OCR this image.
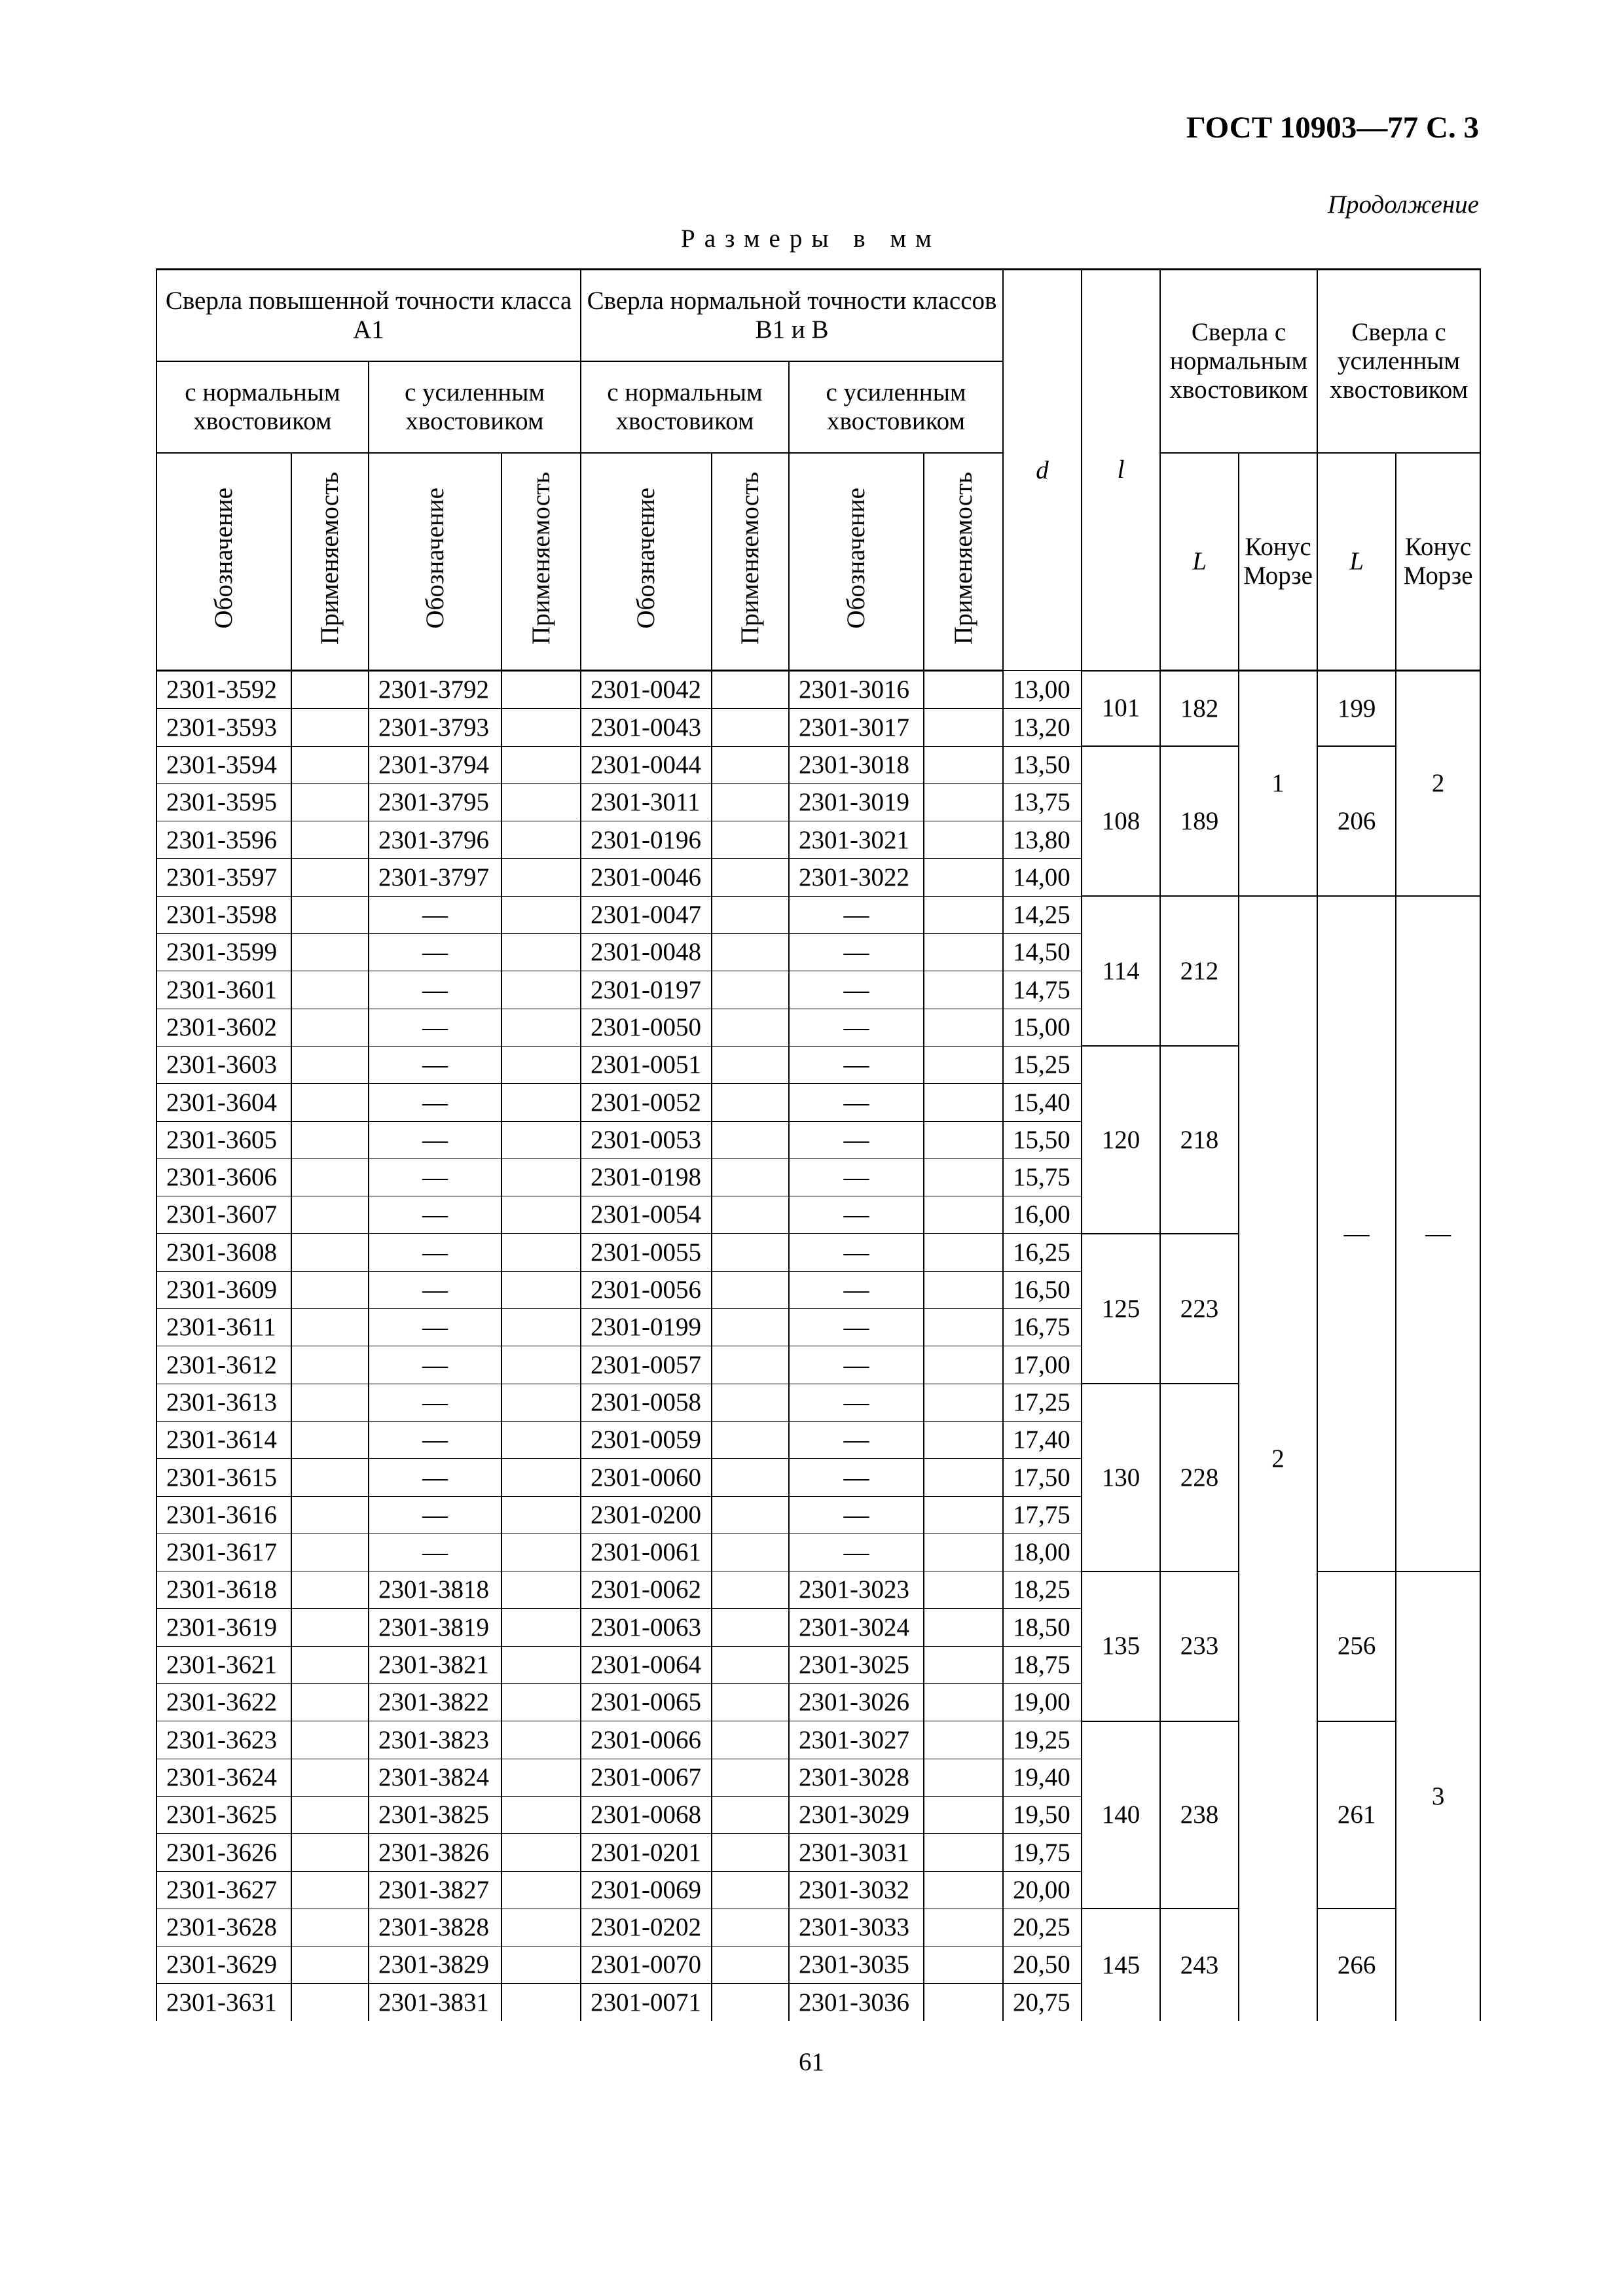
ГОСТ 10903—77 С. 3
Продолжение
Размеры в мм
Сверла повышенной точности класса А1				Сверла нормальной точности классов В1 и В				d	l	Сверла с нормальным хвостовиком		Сверла с усиленным хвостовиком	
с нормальным хвостовиком		с усиленным хвостовиком		с нормальным хвостовиком		с усиленным хвостовиком							
Обозначение	Применяемость	Обозначение	Применяемость	Обозначение	Применяемость	Обозначение	Применяемость			L	Конус Морзе	L	Конус Морзе
2301-3592		2301-3792		2301-0042		2301-3016		13,00	101	182	1	199	2
2301-3593		2301-3793		2301-0043		2301-3017		13,20					
2301-3594		2301-3794		2301-0044		2301-3018		13,50	108	189		206	
2301-3595		2301-3795		2301-3011		2301-3019		13,75					
2301-3596		2301-3796		2301-0196		2301-3021		13,80					
2301-3597		2301-3797		2301-0046		2301-3022		14,00					
2301-3598		—		2301-0047		—		14,25	114	212	2	—	—
2301-3599		—		2301-0048		—		14,50					
2301-3601		—		2301-0197		—		14,75					
2301-3602		—		2301-0050		—		15,00					
2301-3603		—		2301-0051		—		15,25	120	218			
2301-3604		—		2301-0052		—		15,40					
2301-3605		—		2301-0053		—		15,50					
2301-3606		—		2301-0198		—		15,75					
2301-3607		—		2301-0054		—		16,00					
2301-3608		—		2301-0055		—		16,25	125	223			
2301-3609		—		2301-0056		—		16,50					
2301-3611		—		2301-0199		—		16,75					
2301-3612		—		2301-0057		—		17,00					
2301-3613		—		2301-0058		—		17,25	130	228			
2301-3614		—		2301-0059		—		17,40					
2301-3615		—		2301-0060		—		17,50					
2301-3616		—		2301-0200		—		17,75					
2301-3617		—		2301-0061		—		18,00					
2301-3618		2301-3818		2301-0062		2301-3023		18,25	135	233		256	3
2301-3619		2301-3819		2301-0063		2301-3024		18,50					
2301-3621		2301-3821		2301-0064		2301-3025		18,75					
2301-3622		2301-3822		2301-0065		2301-3026		19,00					
2301-3623		2301-3823		2301-0066		2301-3027		19,25	140	238		261	
2301-3624		2301-3824		2301-0067		2301-3028		19,40					
2301-3625		2301-3825		2301-0068		2301-3029		19,50					
2301-3626		2301-3826		2301-0201		2301-3031		19,75					
2301-3627		2301-3827		2301-0069		2301-3032		20,00					
2301-3628		2301-3828		2301-0202		2301-3033		20,25	145	243		266	
2301-3629		2301-3829		2301-0070		2301-3035		20,50					
2301-3631		2301-3831		2301-0071		2301-3036		20,75					
61
